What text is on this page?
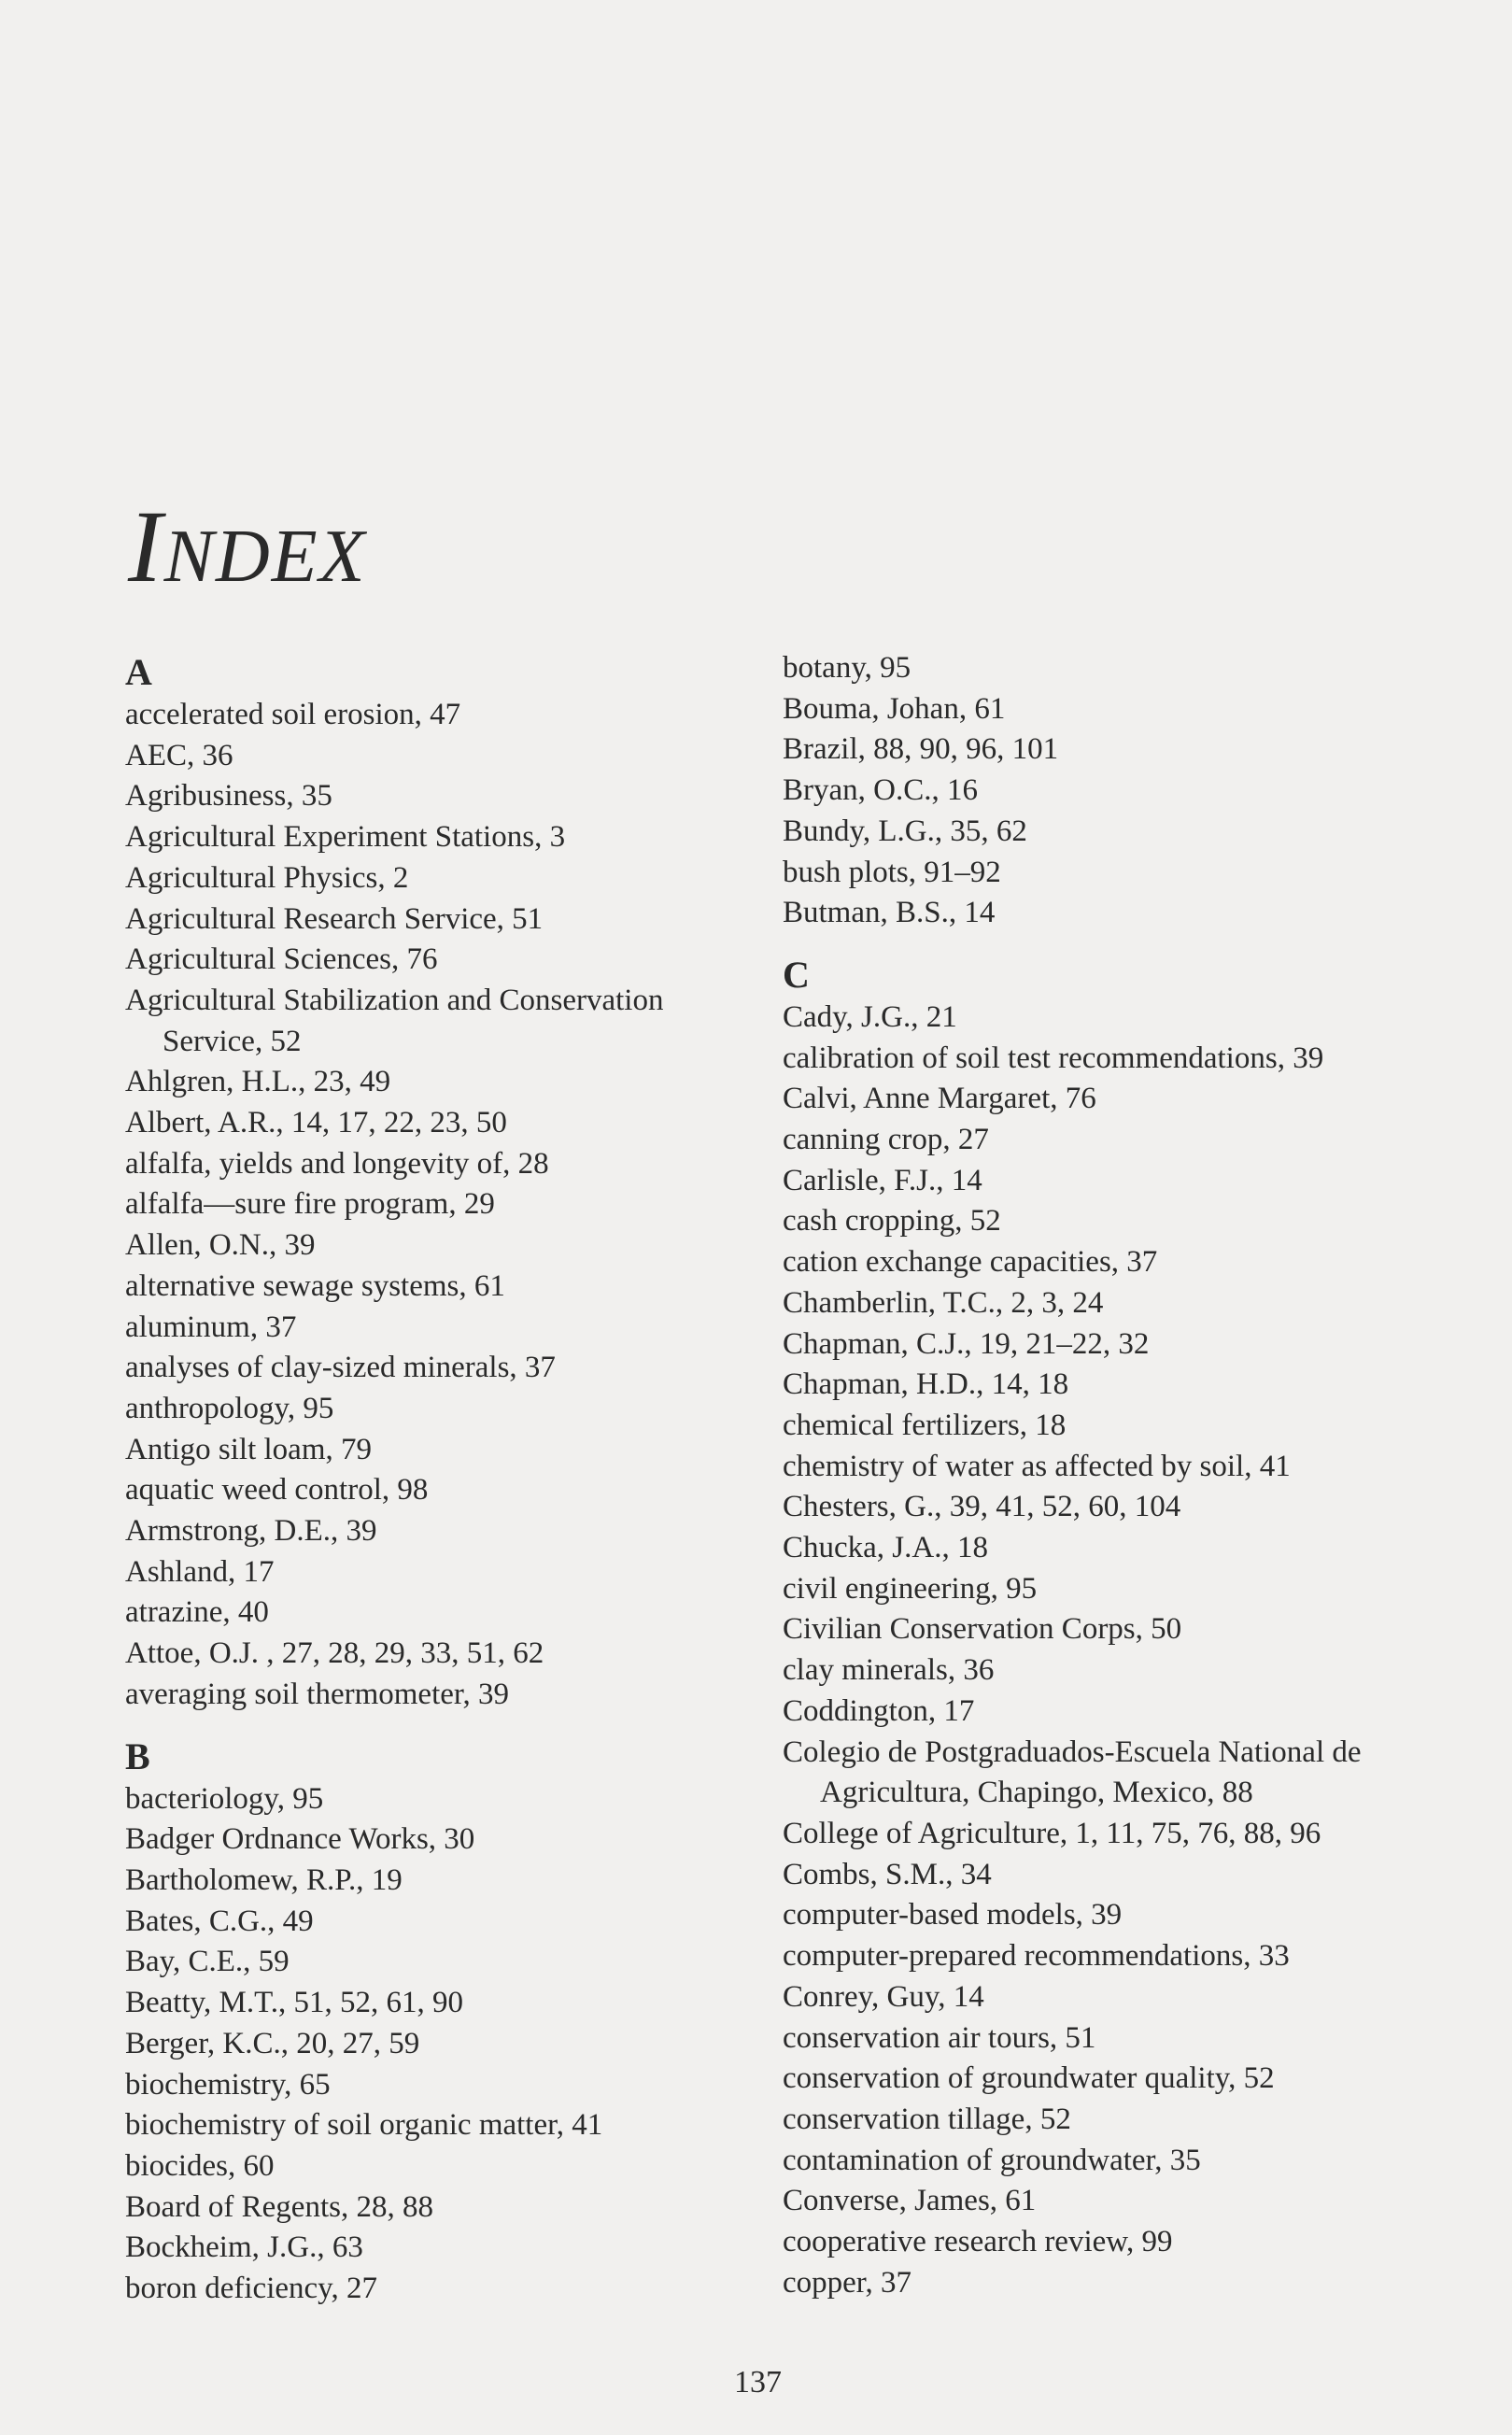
INDEX
A
accelerated soil erosion, 47
AEC, 36
Agribusiness, 35
Agricultural Experiment Stations, 3
Agricultural Physics, 2
Agricultural Research Service, 51
Agricultural Sciences, 76
Agricultural Stabilization and Conservation Service, 52
Ahlgren, H.L., 23, 49
Albert, A.R., 14, 17, 22, 23, 50
alfalfa, yields and longevity of, 28
alfalfa—sure fire program, 29
Allen, O.N., 39
alternative sewage systems, 61
aluminum, 37
analyses of clay-sized minerals, 37
anthropology, 95
Antigo silt loam, 79
aquatic weed control, 98
Armstrong, D.E., 39
Ashland, 17
atrazine, 40
Attoe, O.J. , 27, 28, 29, 33, 51, 62
averaging soil thermometer, 39
B
bacteriology, 95
Badger Ordnance Works, 30
Bartholomew, R.P., 19
Bates, C.G., 49
Bay, C.E., 59
Beatty, M.T., 51, 52, 61, 90
Berger, K.C., 20, 27, 59
biochemistry, 65
biochemistry of soil organic matter, 41
biocides, 60
Board of Regents, 28, 88
Bockheim, J.G., 63
boron deficiency, 27
botany, 95
Bouma, Johan, 61
Brazil, 88, 90, 96, 101
Bryan, O.C., 16
Bundy, L.G., 35, 62
bush plots, 91–92
Butman, B.S., 14
C
Cady, J.G., 21
calibration of soil test recommendations, 39
Calvi, Anne Margaret, 76
canning crop, 27
Carlisle, F.J., 14
cash cropping, 52
cation exchange capacities, 37
Chamberlin, T.C., 2, 3, 24
Chapman, C.J., 19, 21–22, 32
Chapman, H.D., 14, 18
chemical fertilizers, 18
chemistry of water as affected by soil, 41
Chesters, G., 39, 41, 52, 60, 104
Chucka, J.A., 18
civil engineering, 95
Civilian Conservation Corps, 50
clay minerals, 36
Coddington, 17
Colegio de Postgraduados-Escuela National de Agricultura, Chapingo, Mexico, 88
College of Agriculture, 1, 11, 75, 76, 88, 96
Combs, S.M., 34
computer-based models, 39
computer-prepared recommendations, 33
Conrey, Guy, 14
conservation air tours, 51
conservation of groundwater quality, 52
conservation tillage, 52
contamination of groundwater, 35
Converse, James, 61
cooperative research review, 99
copper, 37
137
